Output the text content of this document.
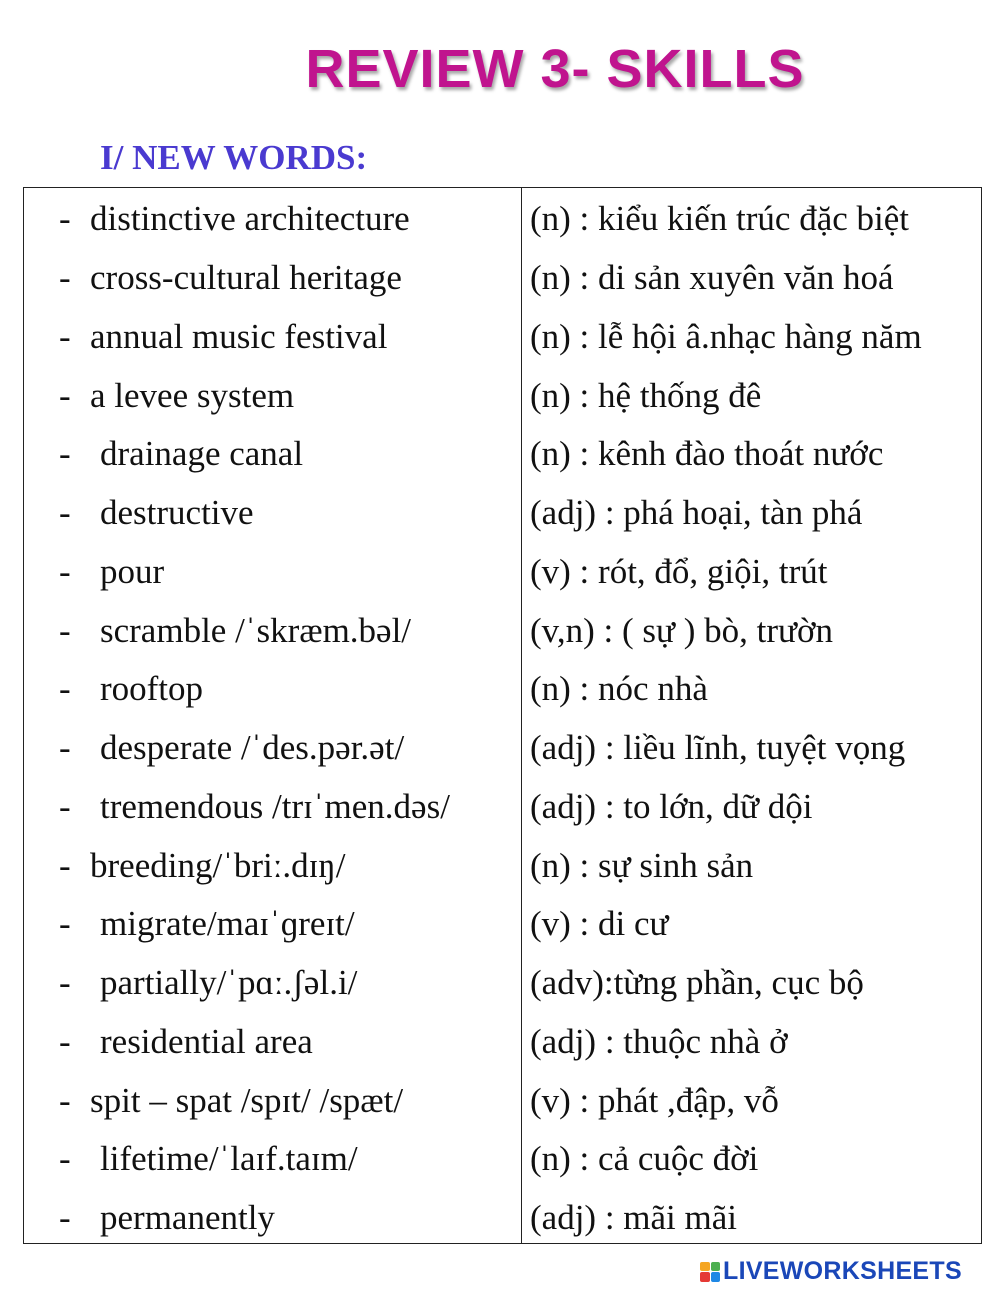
REVIEW 3- SKILLS
I/ NEW WORDS:
- distinctive architecture	(n) : kiểu kiến trúc đặc biệt
- cross-cultural heritage	(n) : di sản xuyên văn hoá
- annual music festival	(n) : lễ hội â.nhạc hàng năm
- a levee system	(n) : hệ thống đê
- drainage canal	(n) : kênh đào thoát nước
- destructive	(adj) : phá hoại, tàn phá
- pour	(v) : rót, đổ, giội, trút
- scramble /ˈskræm.bəl/	(v,n) : ( sự ) bò, trườn
- rooftop	(n) : nóc nhà
- desperate /ˈdes.pər.ət/	(adj) : liều lĩnh, tuyệt vọng
- tremendous /trɪˈmen.dəs/ (adj) : to lớn, dữ dội
- breeding/ˈbriː.dɪŋ/	(n) : sự sinh sản
- migrate/maɪˈɡreɪt/	(v) : di cư
- partially/ˈpɑː.ʃəl.i/	(adv):từng phần, cục bộ
- residential area	(adj) : thuộc nhà ở
- spit – spat /spɪt/ /spæt/	(v) : phát ,đập, vỗ
- lifetime/ˈlaɪf.taɪm/	(n) : cả cuộc đời
- permanently	(adj) : mãi mãi
LIVEWORKSHEETS
